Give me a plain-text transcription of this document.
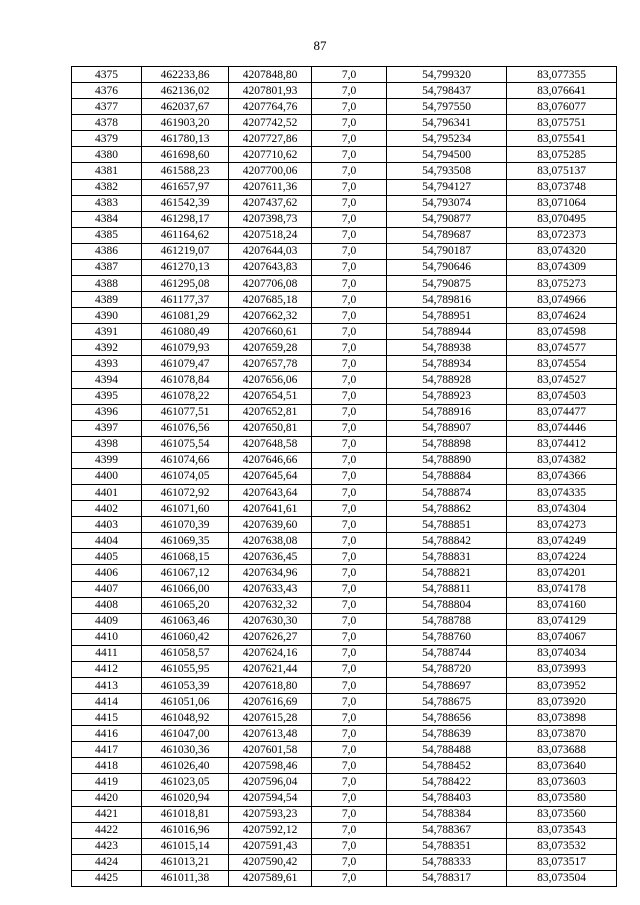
87
4375	462233,86	4207848,80	7,0	54,799320	83,077355
4376	462136,02	4207801,93	7,0	54,798437	83,076641
4377	462037,67	4207764,76	7,0	54,797550	83,076077
4378	461903,20	4207742,52	7,0	54,796341	83,075751
4379	461780,13	4207727,86	7,0	54,795234	83,075541
4380	461698,60	4207710,62	7,0	54,794500	83,075285
4381	461588,23	4207700,06	7,0	54,793508	83,075137
4382	461657,97	4207611,36	7,0	54,794127	83,073748
4383	461542,39	4207437,62	7,0	54,793074	83,071064
4384	461298,17	4207398,73	7,0	54,790877	83,070495
4385	461164,62	4207518,24	7,0	54,789687	83,072373
4386	461219,07	4207644,03	7,0	54,790187	83,074320
4387	461270,13	4207643,83	7,0	54,790646	83,074309
4388	461295,08	4207706,08	7,0	54,790875	83,075273
4389	461177,37	4207685,18	7,0	54,789816	83,074966
4390	461081,29	4207662,32	7,0	54,788951	83,074624
4391	461080,49	4207660,61	7,0	54,788944	83,074598
4392	461079,93	4207659,28	7,0	54,788938	83,074577
4393	461079,47	4207657,78	7,0	54,788934	83,074554
4394	461078,84	4207656,06	7,0	54,788928	83,074527
4395	461078,22	4207654,51	7,0	54,788923	83,074503
4396	461077,51	4207652,81	7,0	54,788916	83,074477
4397	461076,56	4207650,81	7,0	54,788907	83,074446
4398	461075,54	4207648,58	7,0	54,788898	83,074412
4399	461074,66	4207646,66	7,0	54,788890	83,074382
4400	461074,05	4207645,64	7,0	54,788884	83,074366
4401	461072,92	4207643,64	7,0	54,788874	83,074335
4402	461071,60	4207641,61	7,0	54,788862	83,074304
4403	461070,39	4207639,60	7,0	54,788851	83,074273
4404	461069,35	4207638,08	7,0	54,788842	83,074249
4405	461068,15	4207636,45	7,0	54,788831	83,074224
4406	461067,12	4207634,96	7,0	54,788821	83,074201
4407	461066,00	4207633,43	7,0	54,788811	83,074178
4408	461065,20	4207632,32	7,0	54,788804	83,074160
4409	461063,46	4207630,30	7,0	54,788788	83,074129
4410	461060,42	4207626,27	7,0	54,788760	83,074067
4411	461058,57	4207624,16	7,0	54,788744	83,074034
4412	461055,95	4207621,44	7,0	54,788720	83,073993
4413	461053,39	4207618,80	7,0	54,788697	83,073952
4414	461051,06	4207616,69	7,0	54,788675	83,073920
4415	461048,92	4207615,28	7,0	54,788656	83,073898
4416	461047,00	4207613,48	7,0	54,788639	83,073870
4417	461030,36	4207601,58	7,0	54,788488	83,073688
4418	461026,40	4207598,46	7,0	54,788452	83,073640
4419	461023,05	4207596,04	7,0	54,788422	83,073603
4420	461020,94	4207594,54	7,0	54,788403	83,073580
4421	461018,81	4207593,23	7,0	54,788384	83,073560
4422	461016,96	4207592,12	7,0	54,788367	83,073543
4423	461015,14	4207591,43	7,0	54,788351	83,073532
4424	461013,21	4207590,42	7,0	54,788333	83,073517
4425	461011,38	4207589,61	7,0	54,788317	83,073504
